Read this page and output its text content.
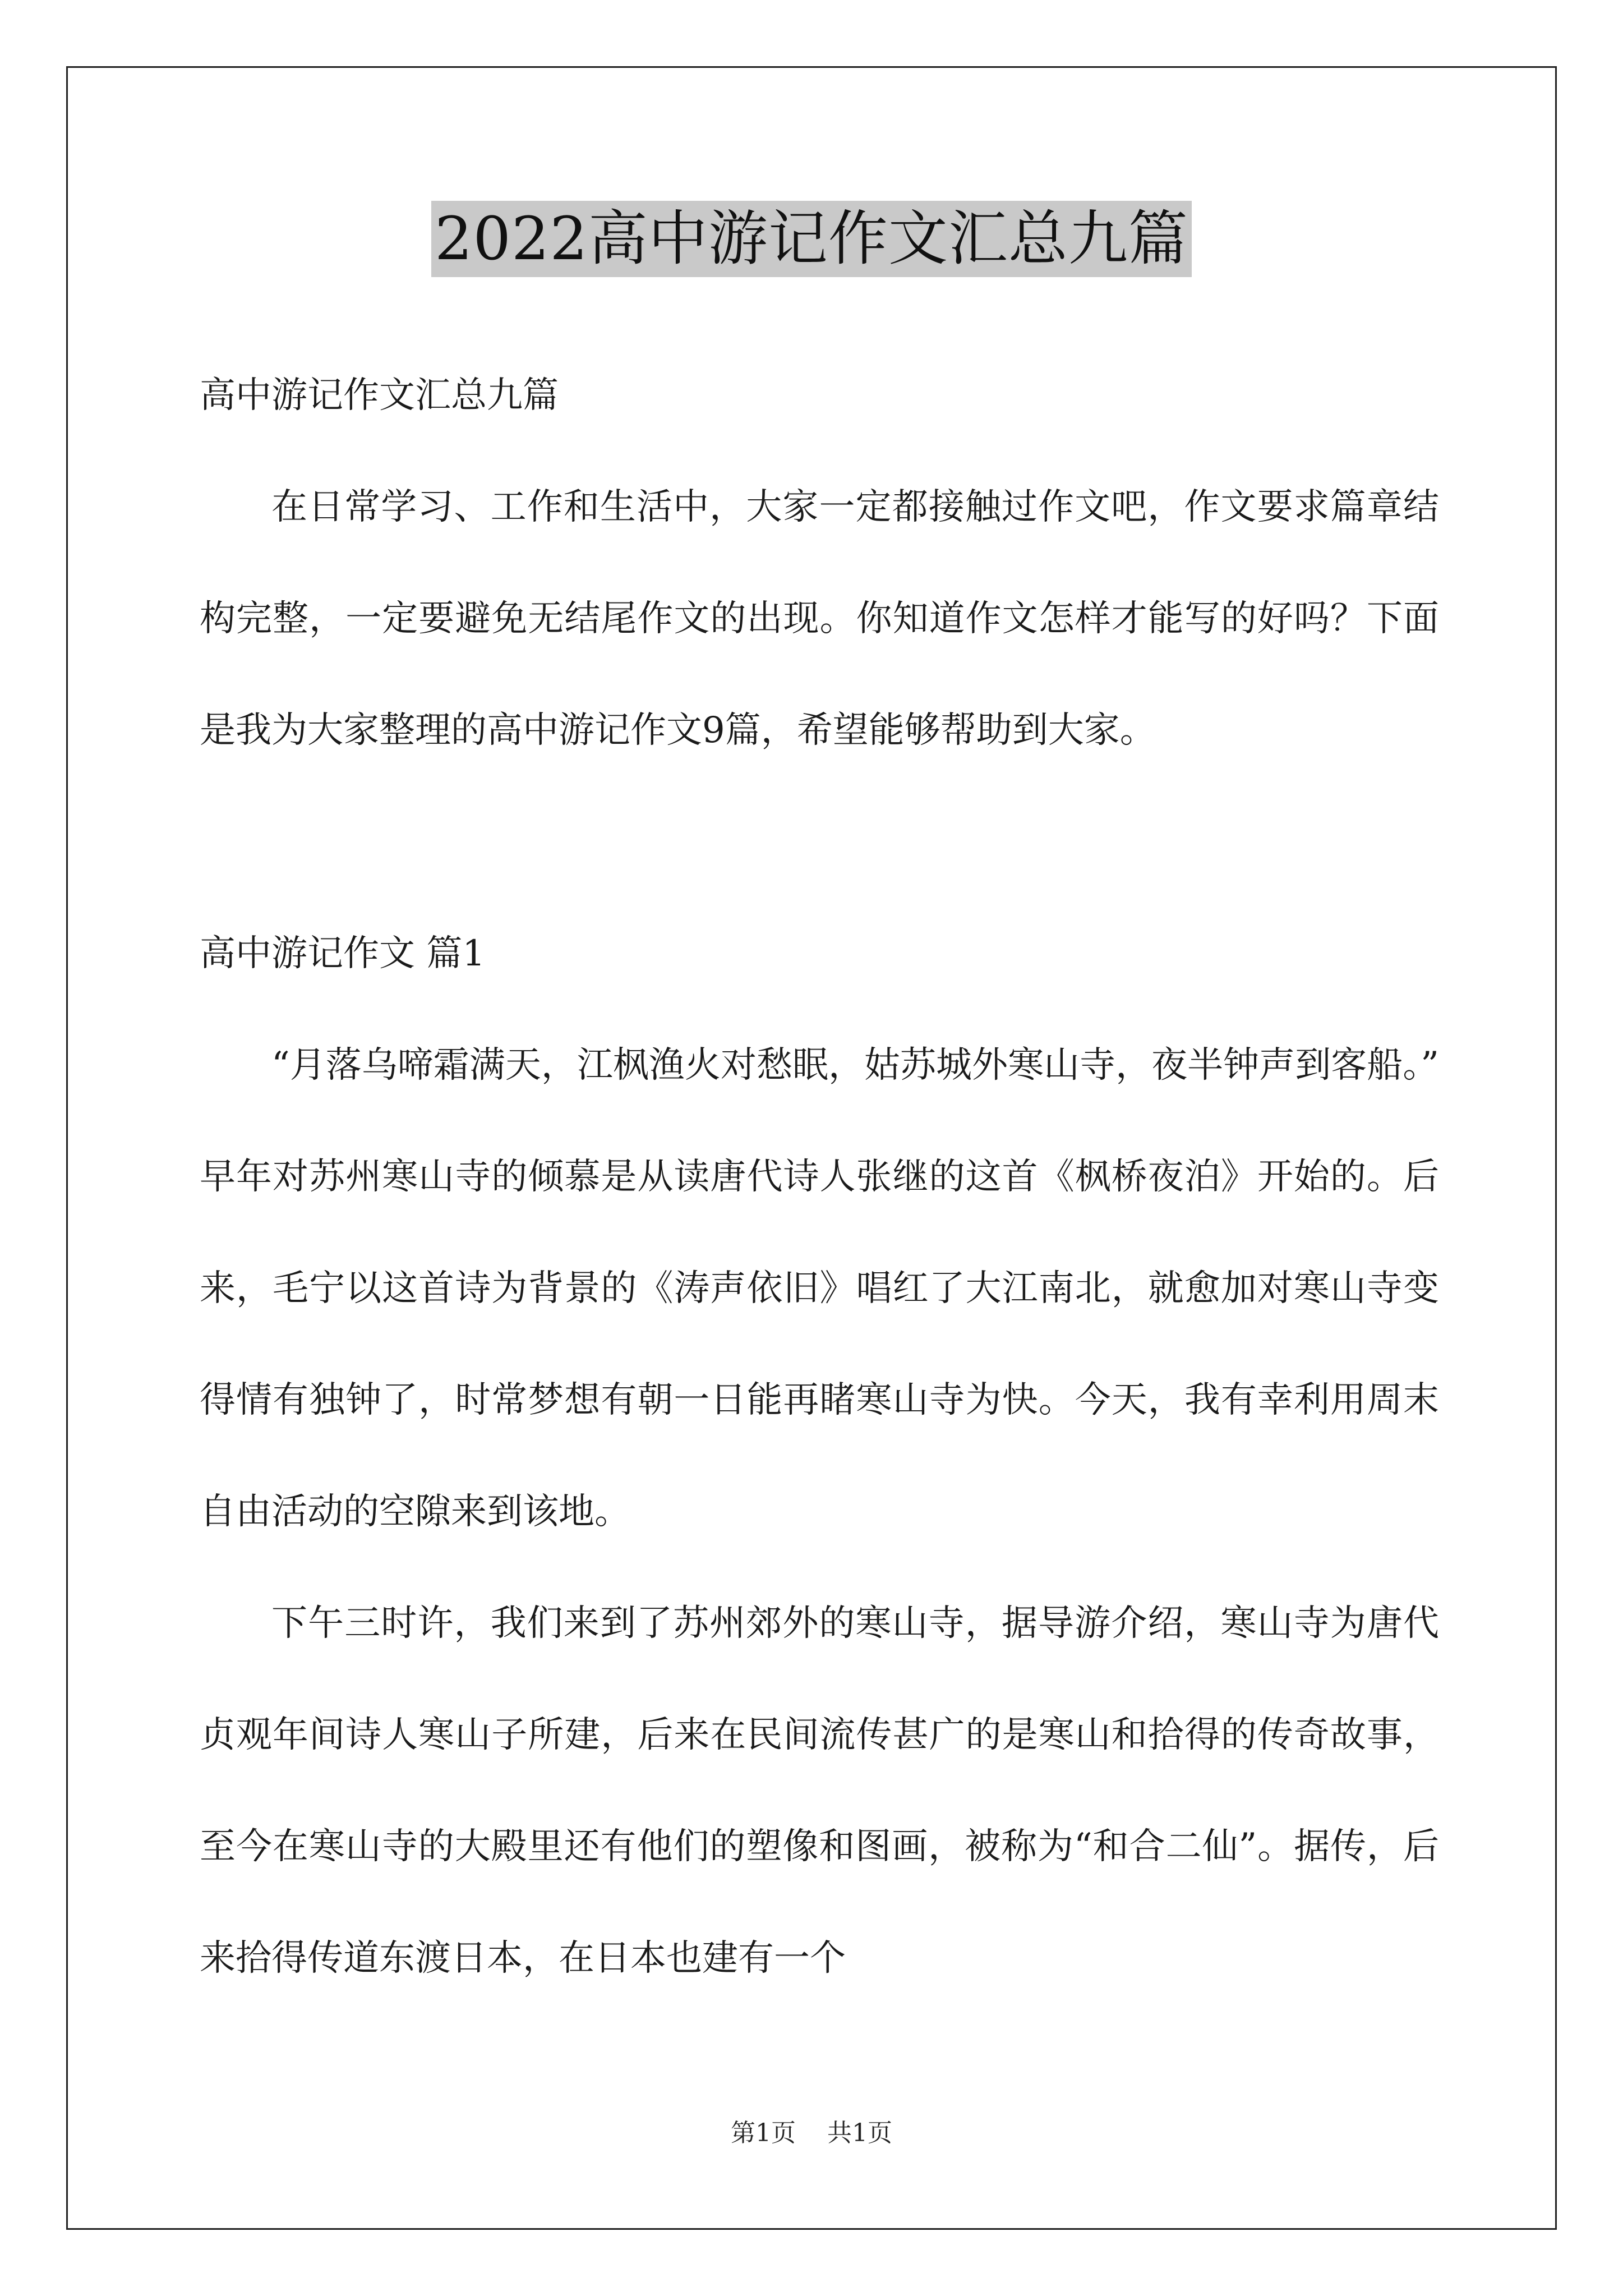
2022高中游记作文汇总九篇

高中游记作文汇总九篇

在日常学习、工作和生活中，大家一定都接触过作文吧，作文要求篇章结构完整，一定要避免无结尾作文的出现。你知道作文怎样才能写的好吗？下面是我为大家整理的高中游记作文9篇，希望能够帮助到大家。

高中游记作文 篇1

“月落乌啼霜满天，江枫渔火对愁眠，姑苏城外寒山寺，夜半钟声到客船。” 早年对苏州寒山寺的倾慕是从读唐代诗人张继的这首《枫桥夜泊》开始的。后来，毛宁以这首诗为背景的《涛声依旧》唱红了大江南北，就愈加对寒山寺变得情有独钟了，时常梦想有朝一日能再睹寒山寺为快。今天，我有幸利用周末自由活动的空隙来到该地。

下午三时许，我们来到了苏州郊外的寒山寺，据导游介绍，寒山寺为唐代贞观年间诗人寒山子所建，后来在民间流传甚广的是寒山和拾得的传奇故事，至今在寒山寺的大殿里还有他们的塑像和图画，被称为“和合二仙”。据传，后来拾得传道东渡日本，在日本也建有一个

第1页 共1页
